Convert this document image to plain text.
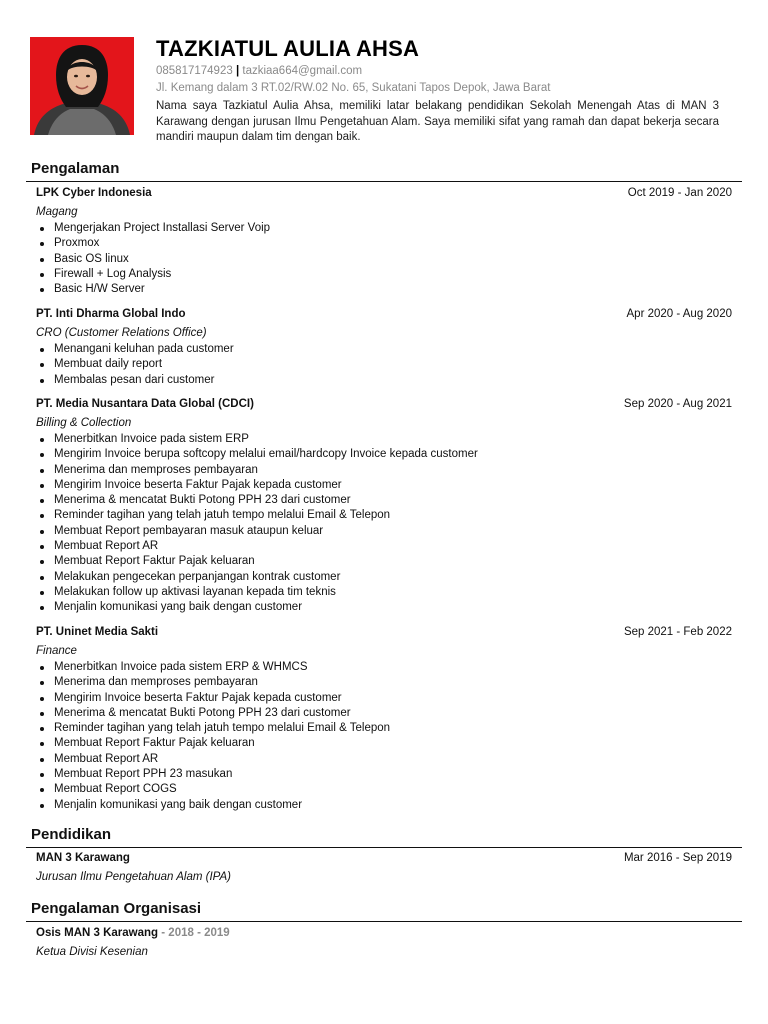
TAZKIATUL AULIA AHSA
085817174923 | tazkiaa664@gmail.com
Jl. Kemang dalam 3 RT.02/RW.02 No. 65, Sukatani Tapos Depok, Jawa Barat
Nama saya Tazkiatul Aulia Ahsa, memiliki latar belakang pendidikan Sekolah Menengah Atas di MAN 3 Karawang dengan jurusan Ilmu Pengetahuan Alam. Saya memiliki sifat yang ramah dan dapat bekerja secara mandiri maupun dalam tim dengan baik.
Pengalaman
LPK Cyber Indonesia	Oct 2019 - Jan 2020
Magang
Mengerjakan Project Installasi Server Voip
Proxmox
Basic OS linux
Firewall + Log Analysis
Basic H/W Server
PT. Inti Dharma Global Indo	Apr 2020 - Aug 2020
CRO (Customer Relations Office)
Menangani keluhan pada customer
Membuat daily report
Membalas pesan dari customer
PT. Media Nusantara Data Global (CDCI)	Sep 2020 - Aug 2021
Billing & Collection
Menerbitkan Invoice pada sistem ERP
Mengirim Invoice berupa softcopy melalui email/hardcopy Invoice kepada customer
Menerima dan memproses pembayaran
Mengirim Invoice beserta Faktur Pajak kepada customer
Menerima & mencatat Bukti Potong PPH 23 dari customer
Reminder tagihan yang telah jatuh tempo melalui Email & Telepon
Membuat Report pembayaran masuk ataupun keluar
Membuat Report AR
Membuat Report Faktur Pajak keluaran
Melakukan pengecekan perpanjangan kontrak customer
Melakukan follow up aktivasi layanan kepada tim teknis
Menjalin komunikasi yang baik dengan customer
PT. Uninet Media Sakti	Sep 2021 - Feb 2022
Finance
Menerbitkan Invoice pada sistem ERP & WHMCS
Menerima dan memproses pembayaran
Mengirim Invoice beserta Faktur Pajak kepada customer
Menerima & mencatat Bukti Potong PPH 23 dari customer
Reminder tagihan yang telah jatuh tempo melalui Email & Telepon
Membuat Report Faktur Pajak keluaran
Membuat Report AR
Membuat Report PPH 23 masukan
Membuat Report COGS
Menjalin komunikasi yang baik dengan customer
Pendidikan
MAN 3 Karawang	Mar 2016 - Sep 2019
Jurusan Ilmu Pengetahuan Alam (IPA)
Pengalaman Organisasi
Osis MAN 3 Karawang - 2018 - 2019
Ketua Divisi Kesenian
